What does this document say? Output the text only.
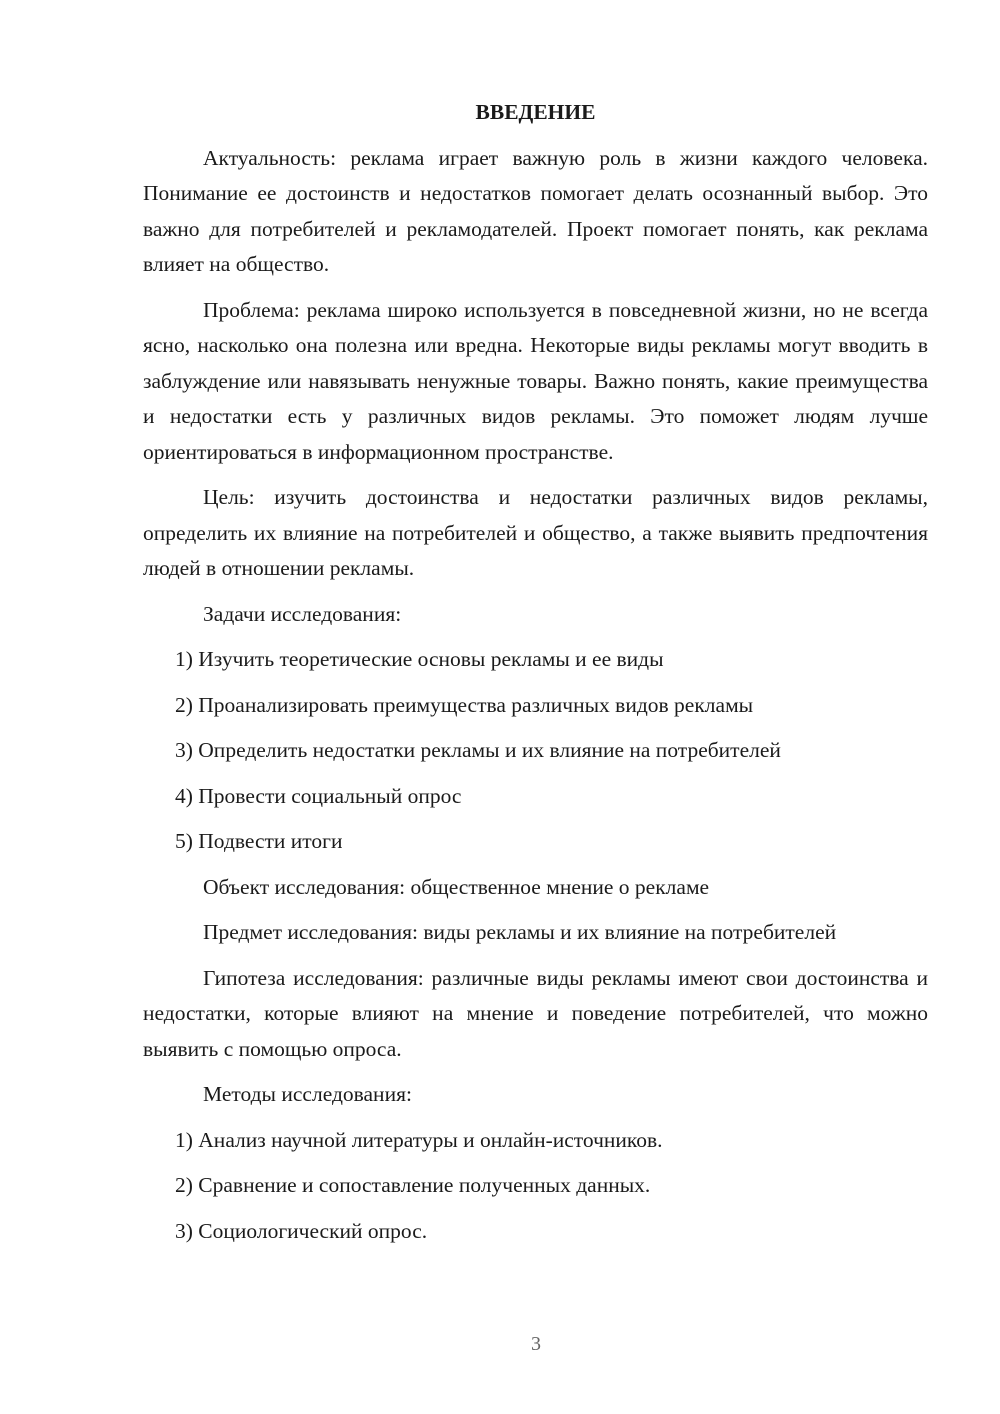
ВВЕДЕНИЕ
Актуальность: реклама играет важную роль в жизни каждого человека. Понимание ее достоинств и недостатков помогает делать осознанный выбор. Это важно для потребителей и рекламодателей. Проект помогает понять, как реклама влияет на общество.
Проблема: реклама широко используется в повседневной жизни, но не всегда ясно, насколько она полезна или вредна. Некоторые виды рекламы могут вводить в заблуждение или навязывать ненужные товары. Важно понять, какие преимущества и недостатки есть у различных видов рекламы. Это поможет людям лучше ориентироваться в информационном пространстве.
Цель: изучить достоинства и недостатки различных видов рекламы, определить их влияние на потребителей и общество, а также выявить предпочтения людей в отношении рекламы.
Задачи исследования:
1) Изучить теоретические основы рекламы и ее виды
2) Проанализировать преимущества различных видов рекламы
3) Определить недостатки рекламы и их влияние на потребителей
4) Провести социальный опрос
5) Подвести итоги
Объект исследования: общественное мнение о рекламе
Предмет исследования: виды рекламы и их влияние на потребителей
Гипотеза исследования: различные виды рекламы имеют свои достоинства и недостатки, которые влияют на мнение и поведение потребителей, что можно выявить с помощью опроса.
Методы исследования:
1) Анализ научной литературы и онлайн-источников.
2) Сравнение и сопоставление полученных данных.
3) Социологический опрос.
3
